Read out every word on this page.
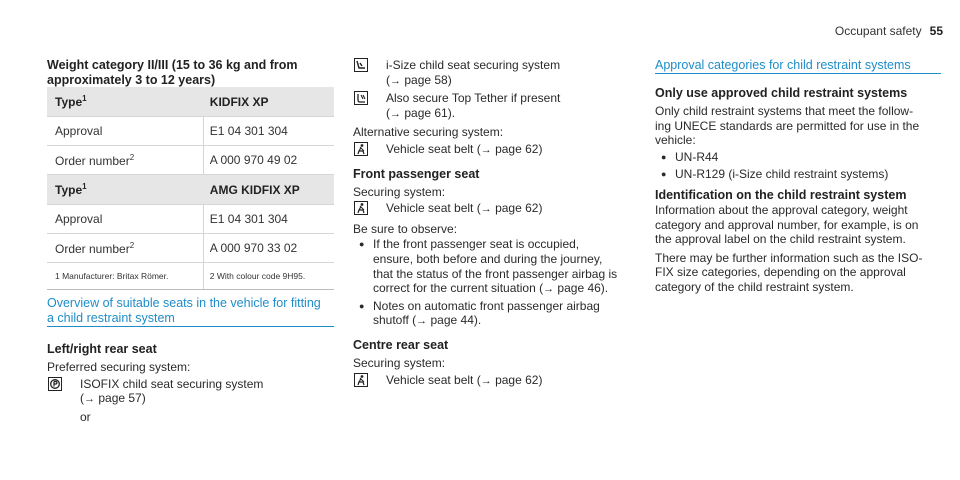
Occupant safety 55
Weight category II/III (15 to 36 kg and from
approximately 3 to 12 years)
Type$^1$	KIDFIX XP
Approval	E1 04 301 304
Order number$^2$	A 000 970 49 02
Type$^1$	AMG KIDFIX XP
Approval	E1 04 301 304
Order number$^2$	A 000 970 33 02
1 Manufacturer: Britax Römer.	2 With colour code 9H95.

Overview of suitable seats in the vehicle for fitting

a child restraint system

Left/right rear seat

Preferred securing system:

ISOFIX child seat securing system

(→ page 57)

or

i-Size child seat securing system

(→ page 58)

Also secure Top Tether if present

(→ page 61).

Alternative securing system:

Vehicle seat belt (→ page 62)

Front passenger seat

Securing system:

Vehicle seat belt (→ page 62)

Be sure to observe:

● If the front passenger seat is occupied,
ensure, both before and during the journey,
that the status of the front passenger airbag is
correct for the current situation (→ page 46).
● Notes on automatic front passenger airbag
shutoff (→ page 44).
Centre rear seat

Securing system:

Vehicle seat belt (→ page 62)

Approval categories for child restraint systems

Only use approved child restraint systems

Only child restraint systems that meet the follow-

ing UNECE standards are permitted for use in the

vehicle:

● UN-R44
● UN-R129 (i-Size child restraint systems)
Identification on the child restraint system

Information about the approval category, weight

category and approval number, for example, is on

the approval label on the child restraint system.

There may be further information such as the ISO-

FIX size categories, depending on the approval

category of the child restraint system.
